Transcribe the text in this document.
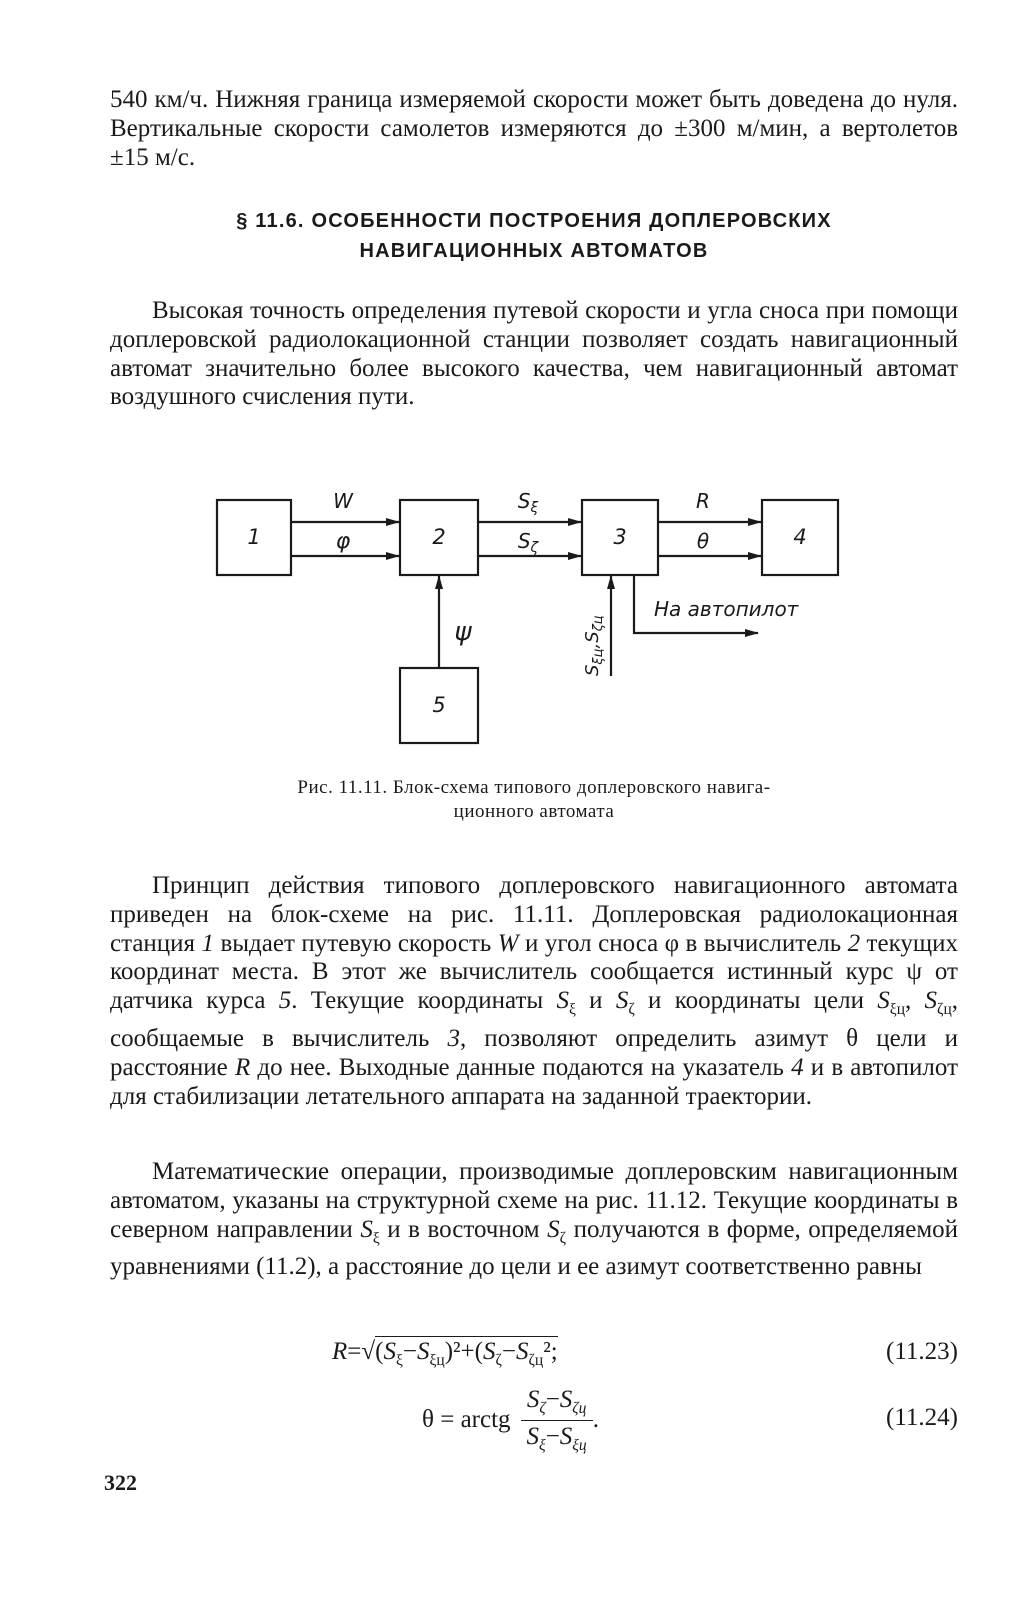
540 км/ч. Нижняя граница измеряемой скорости может быть доведена до нуля. Вертикальные скорости самолетов измеряются до ±300 м/мин, а вертолетов ±15 м/с.

§ 11.6. ОСОБЕННОСТИ ПОСТРОЕНИЯ ДОПЛЕРОВСКИХ
НАВИГАЦИОННЫХ АВТОМАТОВ

Высокая точность определения путевой скорости и угла сноса при помощи доплеровской радиолокационной станции позволяет создать навигационный автомат значительно более высокого качества, чем навигационный автомат воздушного счисления пути.

1	2	3	4
5
W
φ
$S_\xi$
$S_\zeta$
R
θ
ψ
$S_{\xi ц},S_{\zeta ц}$
На автопилот
Рис. 11.11. Блок-схема типового доплеровского навига-
ционного автомата

Принцип действия типового доплеровского навигационного автомата приведен на блок-схеме на рис. 11.11. Доплеровская радиолокационная станция 1 выдает путевую скорость W и угол сноса φ в вычислитель 2 текущих координат места. В этот же вычислитель сообщается истинный курс ψ от датчика курса 5. Текущие координаты $S_\xi$ и $S_\zeta$ и координаты цели $S_{\xi ц}$, $S_{\zeta ц}$, сообщаемые в вычислитель 3, позволяют определить азимут θ цели и расстояние R до нее. Выходные данные подаются на указатель 4 и в автопилот для стабилизации летательного аппарата на заданной траектории.

Математические операции, производимые доплеровским навигационным автоматом, указаны на структурной схеме на рис. 11.12. Текущие координаты в северном направлении $S_\xi$ и в восточном $S_\zeta$ получаются в форме, определяемой уравнениями (11.2), а расстояние до цели и ее азимут соответственно равны

$R=√(S_\xi-S_{\xi ц})^2+(S_\zeta-S_{\zeta ц}^2$;	(11.23)
θ = arctg $\frac{S_\zeta-S_{\zeta ц}}{S_\xi-S_{\xi ц}}$ .	(11.24)
322
